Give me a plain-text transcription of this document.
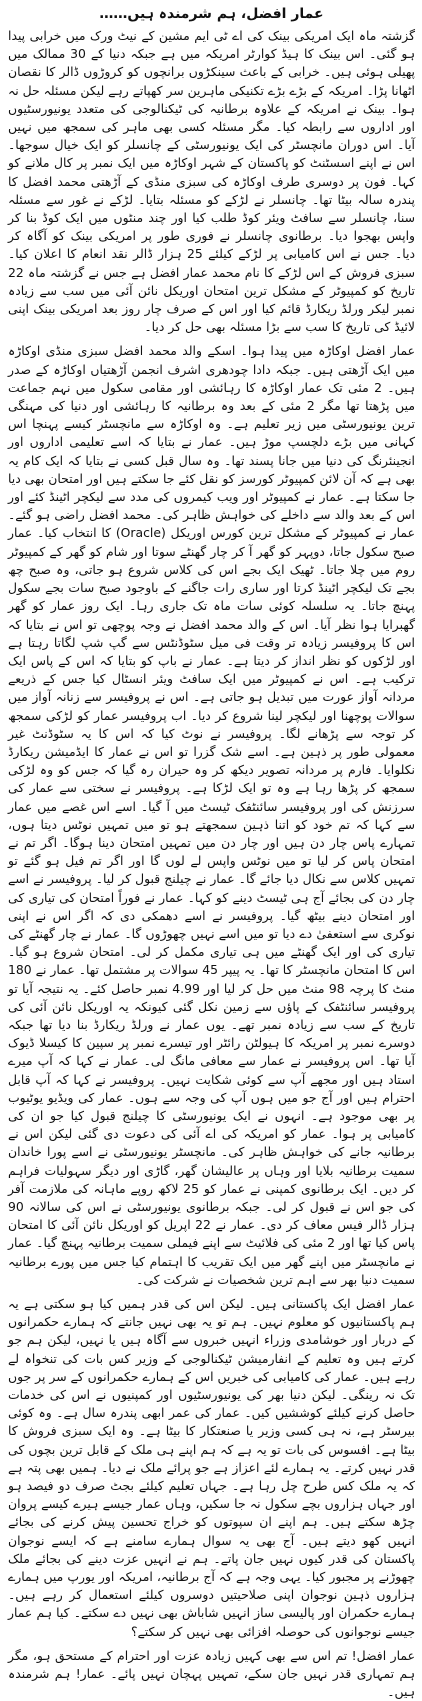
عمار افضل، ہم شرمندہ ہیں……

گزشتہ ماہ ایک امریکی بینک کی اے ٹی ایم مشین کے نیٹ ورک میں خرابی پیدا ہو گئی۔ اس بینک کا ہیڈ کوارٹر امریکہ میں ہے جبکہ دنیا کے 30 ممالک میں پھیلی ہوئی ہیں۔ خرابی کے باعث سینکڑوں برانچوں کو کروڑوں ڈالر کا نقصان اٹھانا پڑا۔ امریکہ کے بڑے بڑے تکنیکی ماہرین سر کھپاتے رہے لیکن مسئلہ حل نہ ہوا۔ بینک نے امریکہ کے علاوہ برطانیہ کی ٹیکنالوجی کی متعدد یونیورسٹیوں اور اداروں سے رابطہ کیا۔ مگر مسئلہ کسی بھی ماہر کی سمجھ میں نہیں آیا۔ اس دوران مانچسٹر کی ایک یونیورسٹی کے چانسلر کو ایک خیال سوجھا۔ اس نے اپنے اسسٹنٹ کو پاکستان کے شہر اوکاڑہ میں ایک نمبر پر کال ملانے کو کہا۔ فون پر دوسری طرف اوکاڑہ کی سبزی منڈی کے آڑھتی محمد افضل کا پندرہ سالہ بیٹا تھا۔ چانسلر نے لڑکے کو مسئلہ بتایا۔ لڑکے نے غور سے مسئلہ سنا، چانسلر سے سافٹ ویئر کوڈ طلب کیا اور چند منٹوں میں ایک کوڈ بنا کر واپس بھجوا دیا۔ برطانوی چانسلر نے فوری طور پر امریکی بینک کو آگاہ کر دیا۔ جس نے اس کامیابی پر لڑکے کیلئے 25 ہزار ڈالر نقد انعام کا اعلان کیا۔ سبزی فروش کے اس لڑکے کا نام محمد عمار افضل ہے جس نے گزشتہ ماہ 22 تاریخ کو کمپیوٹر کے مشکل ترین امتحان اوریکل نائن آئی میں سب سے زیادہ نمبر لیکر ورلڈ ریکارڈ قائم کیا اور اس کے صرف چار روز بعد امریکی بینک اپنی لائیڈ کی تاریخ کا سب سے بڑا مسئلہ بھی حل کر دیا۔

عمار افضل اوکاڑہ میں پیدا ہوا۔ اسکے والد محمد افضل سبزی منڈی اوکاڑہ میں ایک آڑھتی ہیں۔ جبکہ دادا چودھری اشرف انجمن آڑھتیاں اوکاڑہ کے صدر ہیں۔ 2 مئی تک عمار اوکاڑہ کا رہائشی اور مقامی سکول میں نہم جماعت میں پڑھتا تھا مگر 2 مئی کے بعد وہ برطانیہ کا رہائشی اور دنیا کی مہنگی ترین یونیورسٹی میں زیر تعلیم ہے۔ وہ اوکاڑہ سے مانچسٹر کیسے پہنچا اس کہانی میں بڑے دلچسپ موڑ ہیں۔ عمار نے بتایا کہ اسے تعلیمی اداروں اور انجینئرنگ کی دنیا میں جانا پسند تھا۔ وہ سال قبل کسی نے بتایا کہ ایک کام یہ بھی ہے کہ آن لائن کمپیوٹر کورسز کو نقل کئے جا سکتے ہیں اور امتحان بھی دیا جا سکتا ہے۔ عمار نے کمپیوٹر اور ویب کیمروں کی مدد سے لیکچر اٹینڈ کئے اور اس کے بعد والد سے داخلے کی خواہش ظاہر کی۔ محمد افضل راضی ہو گئے۔ عمار نے کمپیوٹر کے مشکل ترین کورس اوریکل (Oracle) کا انتخاب کیا۔ عمار صبح سکول جاتا، دوپہر کو گھر آ کر چار گھنٹے سوتا اور شام کو گھر کے کمپیوٹر روم میں چلا جاتا۔ ٹھیک ایک بجے اس کی کلاس شروع ہو جاتی، وہ صبح چھ بجے تک لیکچر اٹینڈ کرتا اور ساری رات جاگنے کے باوجود صبح سات بجے سکول پہنچ جاتا۔ یہ سلسلہ کوئی سات ماہ تک جاری رہا۔ ایک روز عمار کو گھر گھبرایا ہوا نظر آیا۔ اس کے والد محمد افضل نے وجہ پوچھی تو اس نے بتایا کہ اس کا پروفیسر زیادہ تر وقت فی میل سٹوڈنٹس سے گپ شپ لگاتا رہتا ہے اور لڑکوں کو نظر انداز کر دیتا ہے۔ عمار نے باپ کو بتایا کہ اس کے پاس ایک ترکیب ہے۔ اس نے کمپیوٹر میں ایک سافٹ ویئر انسٹال کیا جس کے ذریعے مردانہ آواز عورت میں تبدیل ہو جاتی ہے۔ اس نے پروفیسر سے زنانہ آواز میں سوالات پوچھنا اور لیکچر لینا شروع کر دیا۔ اب پروفیسر عمار کو لڑکی سمجھ کر توجہ سے پڑھانے لگا۔ پروفیسر نے نوٹ کیا کہ اس کا یہ سٹوڈنٹ غیر معمولی طور پر ذہین ہے۔ اسے شک گزرا تو اس نے عمار کا ایڈمیشن ریکارڈ نکلوایا۔ فارم پر مردانہ تصویر دیکھ کر وہ حیران رہ گیا کہ جس کو وہ لڑکی سمجھ کر پڑھا رہا ہے وہ تو ایک لڑکا ہے۔ پروفیسر نے سختی سے عمار کی سرزنش کی اور پروفیسر سائنٹفک ٹیسٹ میں آ گیا۔ اسے اس غصے میں عمار سے کہا کہ تم خود کو اتنا ذہین سمجھتے ہو تو میں تمہیں نوٹس دیتا ہوں، تمہارے پاس چار دن ہیں اور چار دن میں تمہیں امتحان دینا ہوگا۔ اگر تم نے امتحان پاس کر لیا تو میں نوٹس واپس لے لوں گا اور اگر تم فیل ہو گئے تو تمہیں کلاس سے نکال دیا جائے گا۔ عمار نے چیلنج قبول کر لیا۔ پروفیسر نے اسے چار دن کی بجائے آج ہی ٹیسٹ دینے کو کہا۔ عمار نے فوراً امتحان کی تیاری کی اور امتحان دینے بیٹھ گیا۔ پروفیسر نے اسے دھمکی دی کہ اگر اس نے اپنی نوکری سے استعفیٰ دے دیا تو میں اسے نہیں چھوڑوں گا۔ عمار نے چار گھنٹے کی تیاری کی اور ایک گھنٹے میں ہی تیاری مکمل کر لی۔ امتحان شروع ہو گیا۔ اس کا امتحان مانچسٹر کا تھا۔ یہ پیپر 45 سوالات پر مشتمل تھا۔ عمار نے 180 منٹ کا پرچہ 98 منٹ میں حل کر لیا اور 4.99 نمبر حاصل کئے۔ یہ نتیجہ آیا تو پروفیسر سائنٹفک کے پاؤں سے زمین نکل گئی کیونکہ یہ اوریکل نائن آئی کی تاریخ کے سب سے زیادہ نمبر تھے۔ یوں عمار نے ورلڈ ریکارڈ بنا دیا تھا جبکہ دوسرے نمبر پر امریکہ کا ہیولٹن رائٹر اور تیسرے نمبر پر سپین کا کیسلا ڈیوک آیا تھا۔ اس پروفیسر نے عمار سے معافی مانگ لی۔ عمار نے کہا کہ آپ میرے استاد ہیں اور مجھے آپ سے کوئی شکایت نہیں۔ پروفیسر نے کہا کہ آپ قابل احترام ہیں اور آج جو میں ہوں آپ کی وجہ سے ہوں۔ عمار کی ویڈیو یوٹیوب پر بھی موجود ہے۔ انہوں نے ایک یونیورسٹی کا چیلنج قبول کیا جو ان کی کامیابی پر ہوا۔ عمار کو امریکہ کی اے آئی کی دعوت دی گئی لیکن اس نے برطانیہ جانے کی خواہش ظاہر کی۔ مانچسٹر یونیورسٹی نے اسے پورا خاندان سمیت برطانیہ بلایا اور وہاں پر عالیشان گھر، گاڑی اور دیگر سہولیات فراہم کر دیں۔ ایک برطانوی کمپنی نے عمار کو 25 لاکھ روپے ماہانہ کی ملازمت آفر کی جو اس نے قبول کر لی۔ جبکہ برطانوی یونیورسٹی نے اس کی سالانہ 90 ہزار ڈالر فیس معاف کر دی۔ عمار نے 22 اپریل کو اوریکل نائن آئی کا امتحان پاس کیا تھا اور 2 مئی کی فلائیٹ سے اپنے فیملی سمیت برطانیہ پہنچ گیا۔ عمار نے مانچسٹر میں اپنے گھر میں ایک تقریب کا اہتمام کیا جس میں پورے برطانیہ سمیت دنیا بھر سے اہم ترین شخصیات نے شرکت کی۔

عمار افضل ایک پاکستانی ہیں۔ لیکن اس کی قدر ہمیں کیا ہو سکتی ہے یہ ہم پاکستانیوں کو معلوم نہیں۔ ہم تو یہ بھی نہیں جانتے کہ ہمارے حکمرانوں کے دربار اور خوشامدی وزراء انہیں خبروں سے آگاہ ہیں یا نہیں، لیکن ہم جو کرتے ہیں وہ تعلیم کے انفارمیشن ٹیکنالوجی کے وزیر کس بات کی تنخواہ لے رہے ہیں۔ عمار کی کامیابی کی خبریں اس کے ہمارے حکمرانوں کے سر پر جوں تک نہ رینگی۔ لیکن دنیا بھر کی یونیورسٹیوں اور کمپنیوں نے اس کی خدمات حاصل کرنے کیلئے کوششیں کیں۔ عمار کی عمر ابھی پندرہ سال ہے۔ وہ کوئی بیرسٹر ہے، نہ ہی کسی وزیر یا صنعتکار کا بیٹا ہے۔ وہ ایک سبزی فروش کا بیٹا ہے۔ افسوس کی بات تو یہ ہے کہ ہم اپنے ہی ملک کے قابل ترین بچوں کی قدر نہیں کرتے۔ یہ ہمارے لئے اعزاز ہے جو پرائے ملک نے دیا۔ ہمیں بھی پتہ ہے کہ یہ ملک کس طرح چل رہا ہے۔ جہاں تعلیم کیلئے بجٹ صرف دو فیصد ہو اور جہاں ہزاروں بچے سکول نہ جا سکیں، وہاں عمار جیسے ہیرے کیسے پروان چڑھ سکتے ہیں۔ ہم اپنے ان سپوتوں کو خراج تحسین پیش کرنے کی بجائے انہیں کھو دیتے ہیں۔ آج بھی یہ سوال ہمارے سامنے ہے کہ ایسے نوجوان پاکستان کی قدر کیوں نہیں جان پاتے۔ ہم نے انہیں عزت دینے کی بجائے ملک چھوڑنے پر مجبور کیا۔ یہی وجہ ہے کہ آج برطانیہ، امریکہ اور یورپ میں ہمارے ہزاروں ذہین نوجوان اپنی صلاحیتیں دوسروں کیلئے استعمال کر رہے ہیں۔ ہمارے حکمران اور پالیسی ساز انہیں شاباش بھی نہیں دے سکتے۔ کیا ہم عمار جیسے نوجوانوں کی حوصلہ افزائی بھی نہیں کر سکتے؟

عمار افضل! تم اس سے بھی کہیں زیادہ عزت اور احترام کے مستحق ہو، مگر ہم تمہاری قدر نہیں جان سکے، تمہیں پہچان نہیں پائے۔ عمار! ہم شرمندہ ہیں۔
